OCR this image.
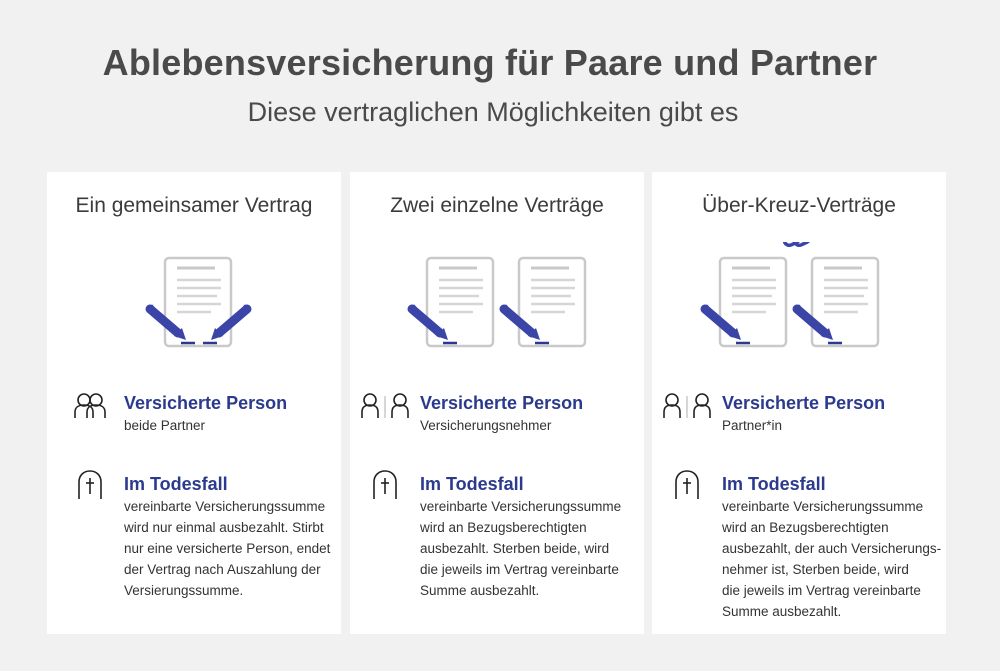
Ablebensversicherung für Paare und Partner
Diese vertraglichen Möglichkeiten gibt es
Ein gemeinsamer Vertrag
Versicherte Person
beide Partner
Im Todesfall
vereinbarte Versicherungssumme
wird nur einmal ausbezahlt. Stirbt
nur eine versicherte Person, endet
der Vertrag nach Auszahlung der
Versierungssumme.
Zwei einzelne Verträge
Versicherte Person
Versicherungsnehmer
Im Todesfall
vereinbarte Versicherungssumme
wird an Bezugsberechtigten
ausbezahlt. Sterben beide, wird
die jeweils im Vertrag vereinbarte
Summe ausbezahlt.
Über-Kreuz-Verträge
Versicherte Person
Partner*in
Im Todesfall
vereinbarte Versicherungssumme
wird an Bezugsberechtigten
ausbezahlt, der auch Versicherungs-
nehmer ist, Sterben beide, wird
die jeweils im Vertrag vereinbarte
Summe ausbezahlt.
